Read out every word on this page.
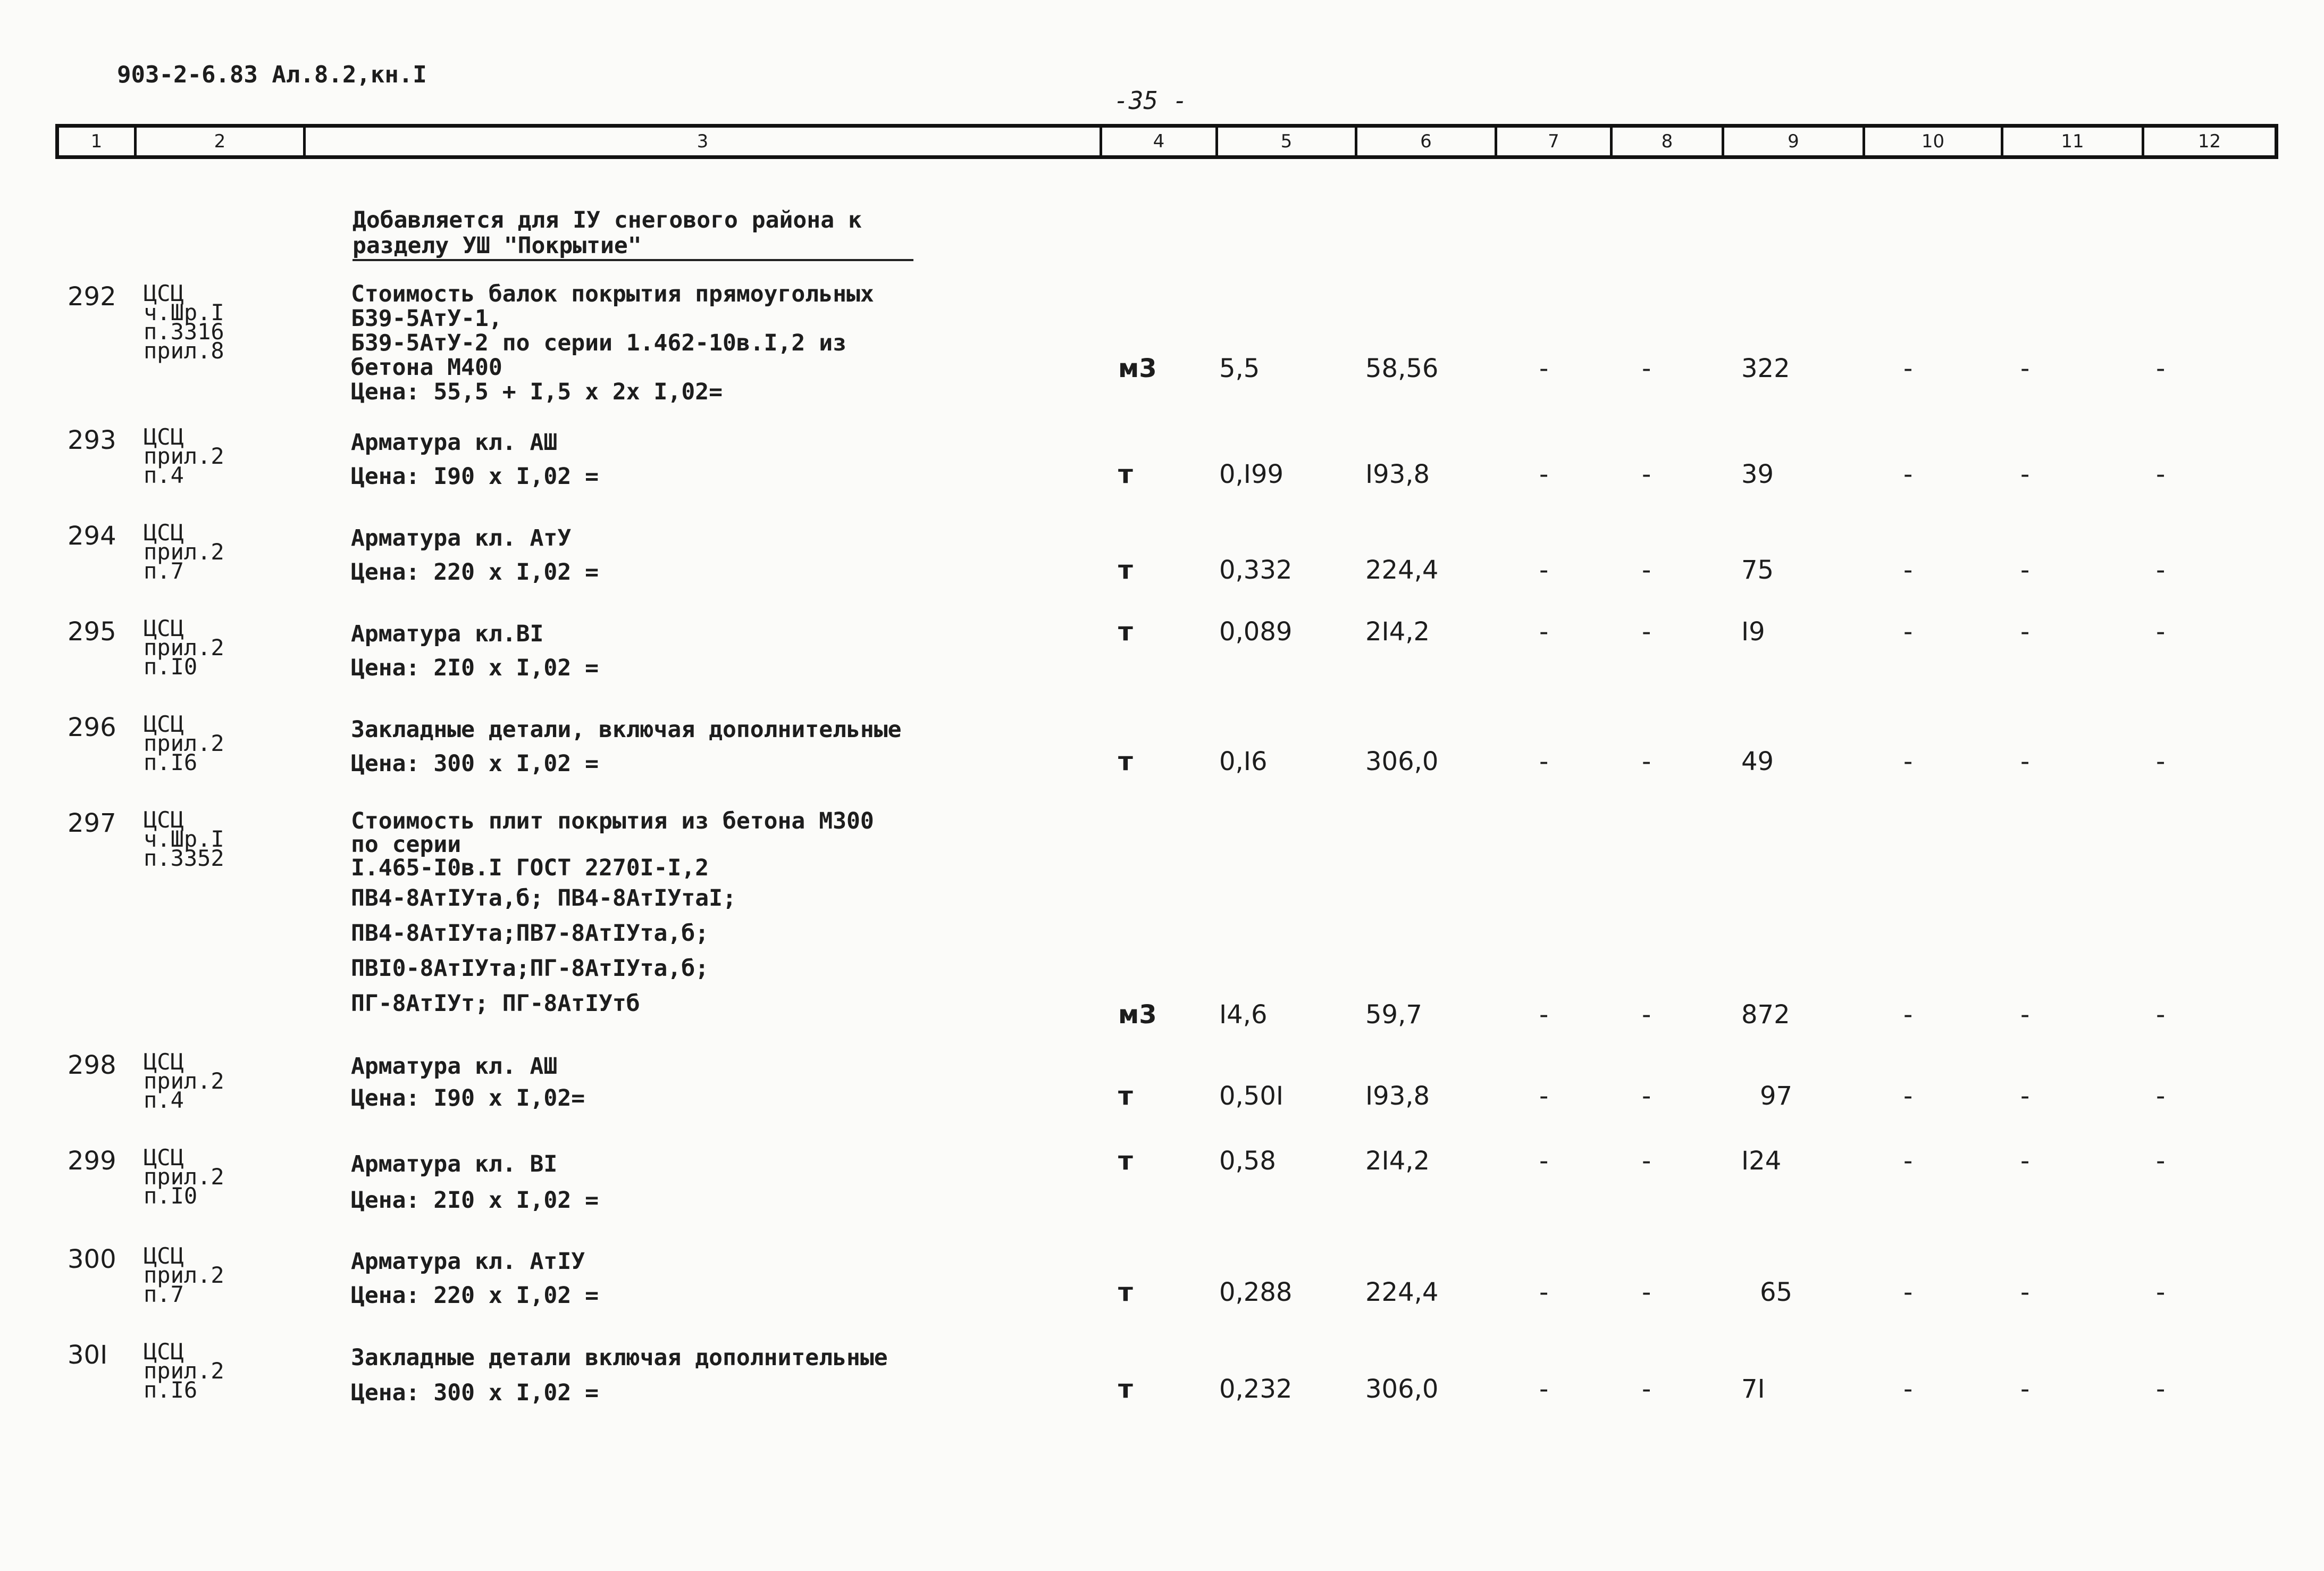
903-2-6.83 Ал.8.2,кн.I
-35 -
1	2	3	4	5	6	7	8	9	10	11	12
Добавляется для IУ снегового района к
разделу УШ "Покрытие"
292 ЦСЦ
ч.Шр.I
п.3316
прил.8
Стоимость балок покрытия прямоугольных
Б39-5АтУ-1,
Б39-5АтУ-2 по серии 1.462-10в.I,2 из
бетона М400
Цена: 55,5 + I,5 x 2x I,02=
м3 5,5	58,56	-	-	322	-	-	-
293 ЦСЦ
прил.2
п.4
Арматура кл. АШ
Цена: I90 x I,02 =	т	0,I99	I93,8	-	-	39	-	-	-
294 ЦСЦ
прил.2
п.7
Арматура кл. АтУ
Цена: 220 x I,02 =	т	0,332	224,4	-	-	75	-	-	-
295 ЦСЦ
прил.2
п.I0
Арматура кл.ВI
Цена: 2I0 x I,02 =
т	0,089	2I4,2	-	-	I9	-	-	-
296 ЦСЦ
прил.2
п.I6
Закладные детали, включая дополнительные
Цена: 300 x I,02 =	т	0,I6	306,0	-	-	49	-	-	-
297 ЦСЦ
ч.Шр.I
п.3352
Стоимость плит покрытия из бетона М300
по серии
I.465-I0в.I ГОСТ 2270I-I,2
ПВ4-8АтIУта,б; ПВ4-8АтIУтаI;
ПВ4-8АтIУта;ПВ7-8АтIУта,б;
ПВI0-8АтIУта;ПГ-8АтIУта,б;
ПГ-8АтIУт; ПГ-8АтIУтб	м3 I4,6	59,7	-	-	872	-	-	-
298 ЦСЦ
прил.2
п.4
Арматура кл. АШ
Цена: I90 x I,02=	т	0,50I	I93,8	-	-	97	-	-	-
299 ЦСЦ
прил.2
п.I0
Арматура кл. ВI
Цена: 2I0 x I,02 =
т	0,58	2I4,2	-	-	I24	-	-	-
300 ЦСЦ
прил.2
п.7
Арматура кл. АтIУ
Цена: 220 x I,02 =	т	0,288	224,4	-	-	65	-	-	-
30I ЦСЦ
прил.2
п.I6
Закладные детали включая дополнительные
Цена: 300 x I,02 =	т	0,232	306,0	-	-	7I	-	-	-
